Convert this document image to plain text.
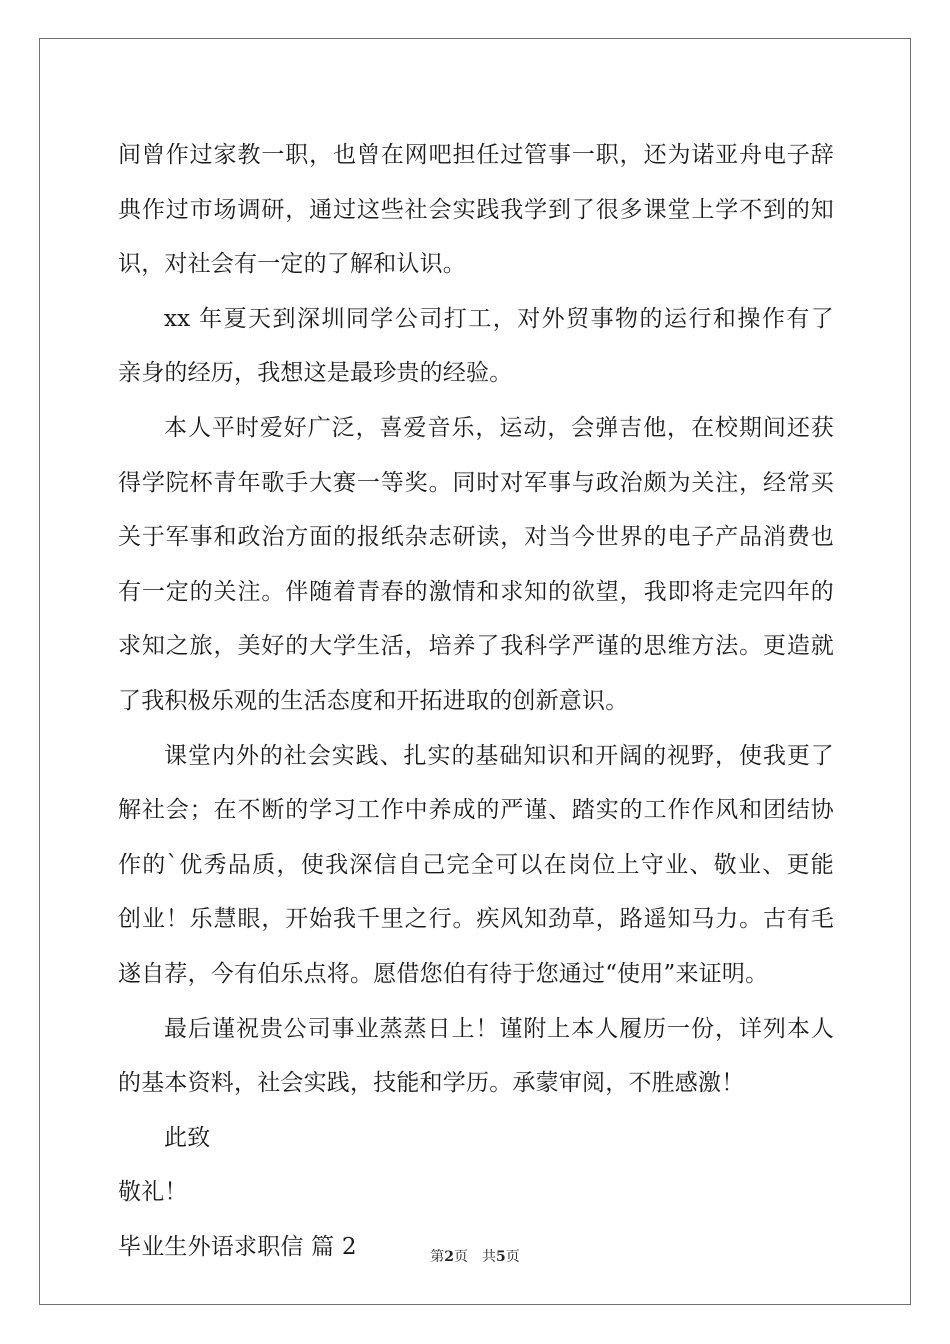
间曾作过家教一职，也曾在网吧担任过管事一职，还为诺亚舟电子辞
典作过市场调研，通过这些社会实践我学到了很多课堂上学不到的知
识，对社会有一定的了解和认识。
xx 年夏天到深圳同学公司打工，对外贸事物的运行和操作有了
亲身的经历，我想这是最珍贵的经验。
本人平时爱好广泛，喜爱音乐，运动，会弹吉他，在校期间还获
得学院杯青年歌手大赛一等奖。同时对军事与政治颇为关注，经常买
关于军事和政治方面的报纸杂志研读，对当今世界的电子产品消费也
有一定的关注。伴随着青春的激情和求知的欲望，我即将走完四年的
求知之旅，美好的大学生活，培养了我科学严谨的思维方法。更造就
了我积极乐观的生活态度和开拓进取的创新意识。
课堂内外的社会实践、扎实的基础知识和开阔的视野，使我更了
解社会；在不断的学习工作中养成的严谨、踏实的工作作风和团结协
作的`优秀品质，使我深信自己完全可以在岗位上守业、敬业、更能
创业！乐慧眼，开始我千里之行。疾风知劲草，路遥知马力。古有毛
遂自荐，今有伯乐点将。愿借您伯有待于您通过“使用”来证明。
最后谨祝贵公司事业蒸蒸日上！谨附上本人履历一份，详列本人
的基本资料，社会实践，技能和学历。承蒙审阅，不胜感激！
此致
敬礼！
毕业生外语求职信 篇 2	第2页 共5页
